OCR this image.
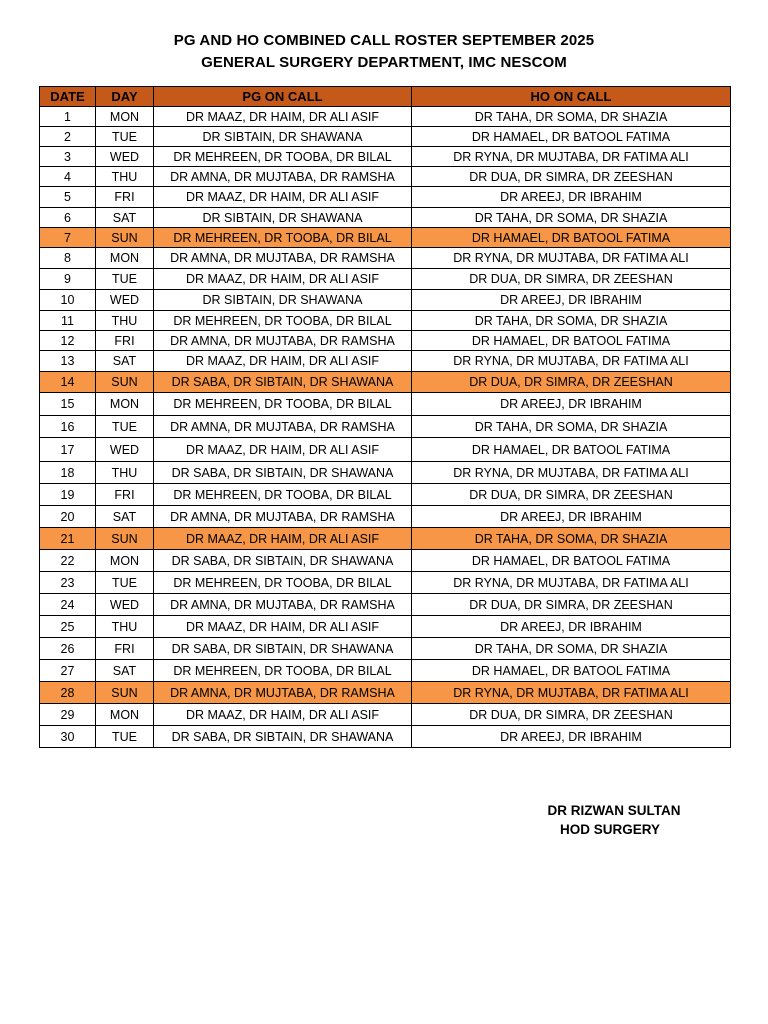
PG AND HO COMBINED CALL ROSTER SEPTEMBER 2025
GENERAL SURGERY DEPARTMENT, IMC NESCOM
DATE	DAY	PG ON CALL	HO ON CALL
1	MON	DR MAAZ, DR HAIM, DR ALI ASIF	DR TAHA, DR SOMA, DR SHAZIA
2	TUE	DR SIBTAIN, DR SHAWANA	DR HAMAEL, DR BATOOL FATIMA
3	WED	DR MEHREEN, DR TOOBA, DR BILAL	DR RYNA, DR MUJTABA, DR FATIMA ALI
4	THU	DR AMNA, DR MUJTABA, DR RAMSHA	DR DUA, DR SIMRA, DR ZEESHAN
5	FRI	DR MAAZ, DR HAIM, DR ALI ASIF	DR AREEJ, DR IBRAHIM
6	SAT	DR SIBTAIN, DR SHAWANA	DR TAHA, DR SOMA, DR SHAZIA
7	SUN	DR MEHREEN, DR TOOBA, DR BILAL	DR HAMAEL, DR BATOOL FATIMA
8	MON	DR AMNA, DR MUJTABA, DR RAMSHA	DR RYNA, DR MUJTABA, DR FATIMA ALI
9	TUE	DR MAAZ, DR HAIM, DR ALI ASIF	DR DUA, DR SIMRA, DR ZEESHAN
10	WED	DR SIBTAIN, DR SHAWANA	DR AREEJ, DR IBRAHIM
11	THU	DR MEHREEN, DR TOOBA, DR BILAL	DR TAHA, DR SOMA, DR SHAZIA
12	FRI	DR AMNA, DR MUJTABA, DR RAMSHA	DR HAMAEL, DR BATOOL FATIMA
13	SAT	DR MAAZ, DR HAIM, DR ALI ASIF	DR RYNA, DR MUJTABA, DR FATIMA ALI
14	SUN	DR SABA, DR SIBTAIN, DR SHAWANA	DR DUA, DR SIMRA, DR ZEESHAN
15	MON	DR MEHREEN, DR TOOBA, DR BILAL	DR AREEJ, DR IBRAHIM
16	TUE	DR AMNA, DR MUJTABA, DR RAMSHA	DR TAHA, DR SOMA, DR SHAZIA
17	WED	DR MAAZ, DR HAIM, DR ALI ASIF	DR HAMAEL, DR BATOOL FATIMA
18	THU	DR SABA, DR SIBTAIN, DR SHAWANA	DR RYNA, DR MUJTABA, DR FATIMA ALI
19	FRI	DR MEHREEN, DR TOOBA, DR BILAL	DR DUA, DR SIMRA, DR ZEESHAN
20	SAT	DR AMNA, DR MUJTABA, DR RAMSHA	DR AREEJ, DR IBRAHIM
21	SUN	DR MAAZ, DR HAIM, DR ALI ASIF	DR TAHA, DR SOMA, DR SHAZIA
22	MON	DR SABA, DR SIBTAIN, DR SHAWANA	DR HAMAEL, DR BATOOL FATIMA
23	TUE	DR MEHREEN, DR TOOBA, DR BILAL	DR RYNA, DR MUJTABA, DR FATIMA ALI
24	WED	DR AMNA, DR MUJTABA, DR RAMSHA	DR DUA, DR SIMRA, DR ZEESHAN
25	THU	DR MAAZ, DR HAIM, DR ALI ASIF	DR AREEJ, DR IBRAHIM
26	FRI	DR SABA, DR SIBTAIN, DR SHAWANA	DR TAHA, DR SOMA, DR SHAZIA
27	SAT	DR MEHREEN, DR TOOBA, DR BILAL	DR HAMAEL, DR BATOOL FATIMA
28	SUN	DR AMNA, DR MUJTABA, DR RAMSHA	DR RYNA, DR MUJTABA, DR FATIMA ALI
29	MON	DR MAAZ, DR HAIM, DR ALI ASIF	DR DUA, DR SIMRA, DR ZEESHAN
30	TUE	DR SABA, DR SIBTAIN, DR SHAWANA	DR AREEJ, DR IBRAHIM
DR RIZWAN SULTAN
HOD SURGERY
